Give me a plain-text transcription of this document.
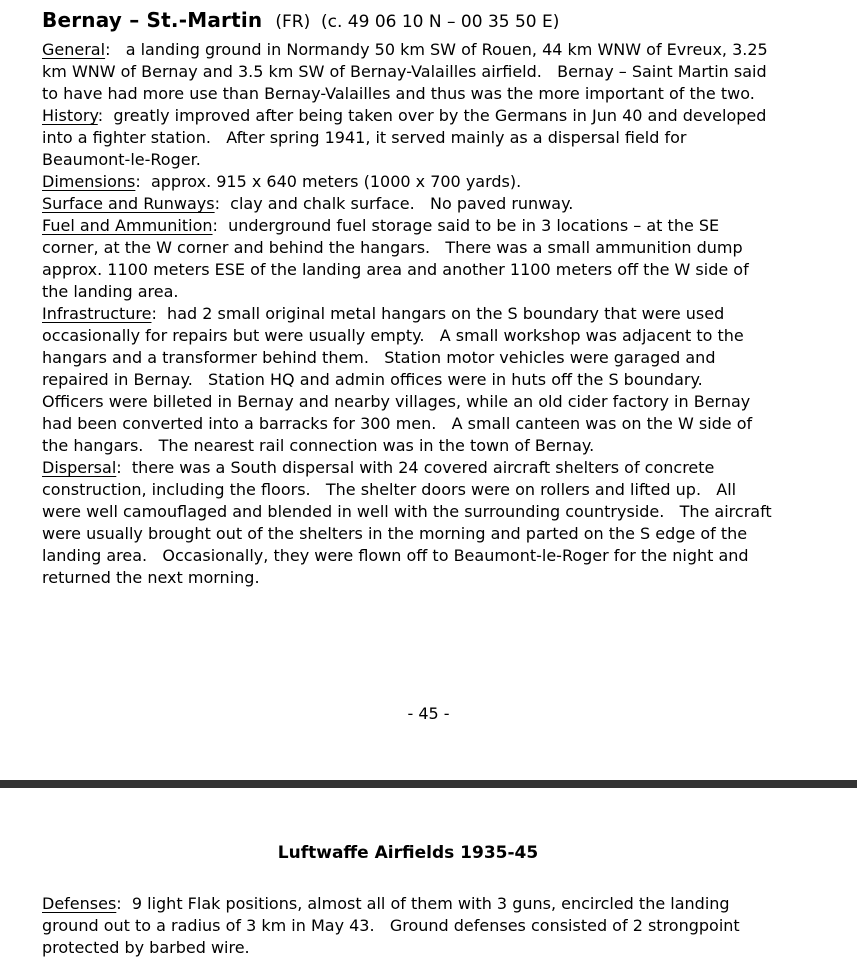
Bernay – St.-Martin (FR)  (c. 49 06 10 N – 00 35 50 E)

General:   a landing ground in Normandy 50 km SW of Rouen, 44 km WNW of Evreux, 3.25 km WNW of Bernay and 3.5 km SW of Bernay-Valailles airfield.   Bernay – Saint Martin said to have had more use than Bernay-Valailles and thus was the more important of the two.

History:  greatly improved after being taken over by the Germans in Jun 40 and developed into a fighter station.   After spring 1941, it served mainly as a dispersal field for Beaumont-le-Roger.

Dimensions:  approx. 915 x 640 meters (1000 x 700 yards).

Surface and Runways:  clay and chalk surface.   No paved runway.

Fuel and Ammunition:  underground fuel storage said to be in 3 locations – at the SE corner, at the W corner and behind the hangars.   There was a small ammunition dump approx. 1100 meters ESE of the landing area and another 1100 meters off the W side of the landing area.

Infrastructure:  had 2 small original metal hangars on the S boundary that were used occasionally for repairs but were usually empty.   A small workshop was adjacent to the hangars and a transformer behind them.   Station motor vehicles were garaged and repaired in Bernay.   Station HQ and admin offices were in huts off the S boundary.   Officers were billeted in Bernay and nearby villages, while an old cider factory in Bernay had been converted into a barracks for 300 men.   A small canteen was on the W side of the hangars.   The nearest rail connection was in the town of Bernay.

Dispersal:  there was a South dispersal with 24 covered aircraft shelters of concrete construction, including the floors.   The shelter doors were on rollers and lifted up.   All were well camouflaged and blended in well with the surrounding countryside.   The aircraft were usually brought out of the shelters in the morning and parted on the S edge of the landing area.   Occasionally, they were flown off to Beaumont-le-Roger for the night and returned the next morning.

- 45 -

Luftwaffe Airfields 1935-45

Defenses:  9 light Flak positions, almost all of them with 3 guns, encircled the landing ground out to a radius of 3 km in May 43.   Ground defenses consisted of 2 strongpoint protected by barbed wire.
